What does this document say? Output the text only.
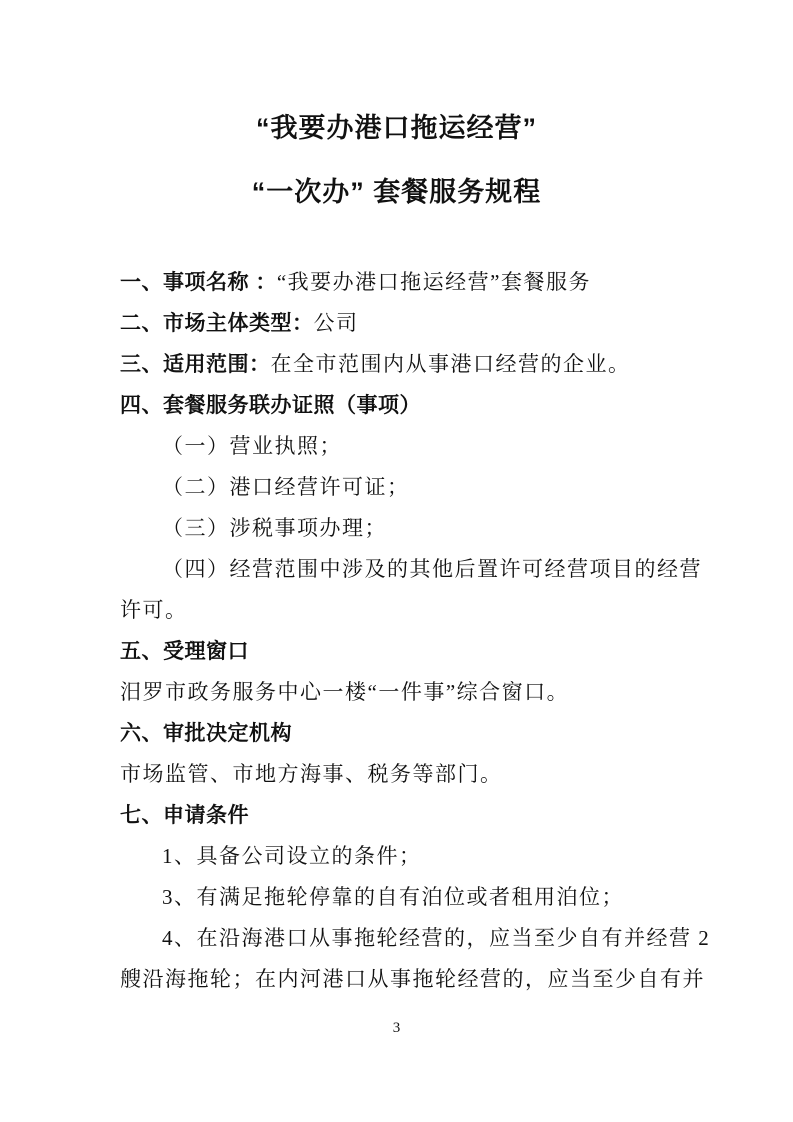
“我要办港口拖运经营”
“一次办” 套餐服务规程
一、事项名称 ：“我要办港口拖运经营”套餐服务
二、市场主体类型：公司
三、适用范围：在全市范围内从事港口经营的企业。
四、套餐服务联办证照（事项）
（一）营业执照；
（二）港口经营许可证；
（三）涉税事项办理；
（四）经营范围中涉及的其他后置许可经营项目的经营
许可。
五、受理窗口
汨罗市政务服务中心一楼“一件事”综合窗口。
六、审批决定机构
市场监管、市地方海事、税务等部门。
七、申请条件
1、具备公司设立的条件；
3、有满足拖轮停靠的自有泊位或者租用泊位；
4、在沿海港口从事拖轮经营的，应当至少自有并经营 2
艘沿海拖轮；在内河港口从事拖轮经营的，应当至少自有并
3
